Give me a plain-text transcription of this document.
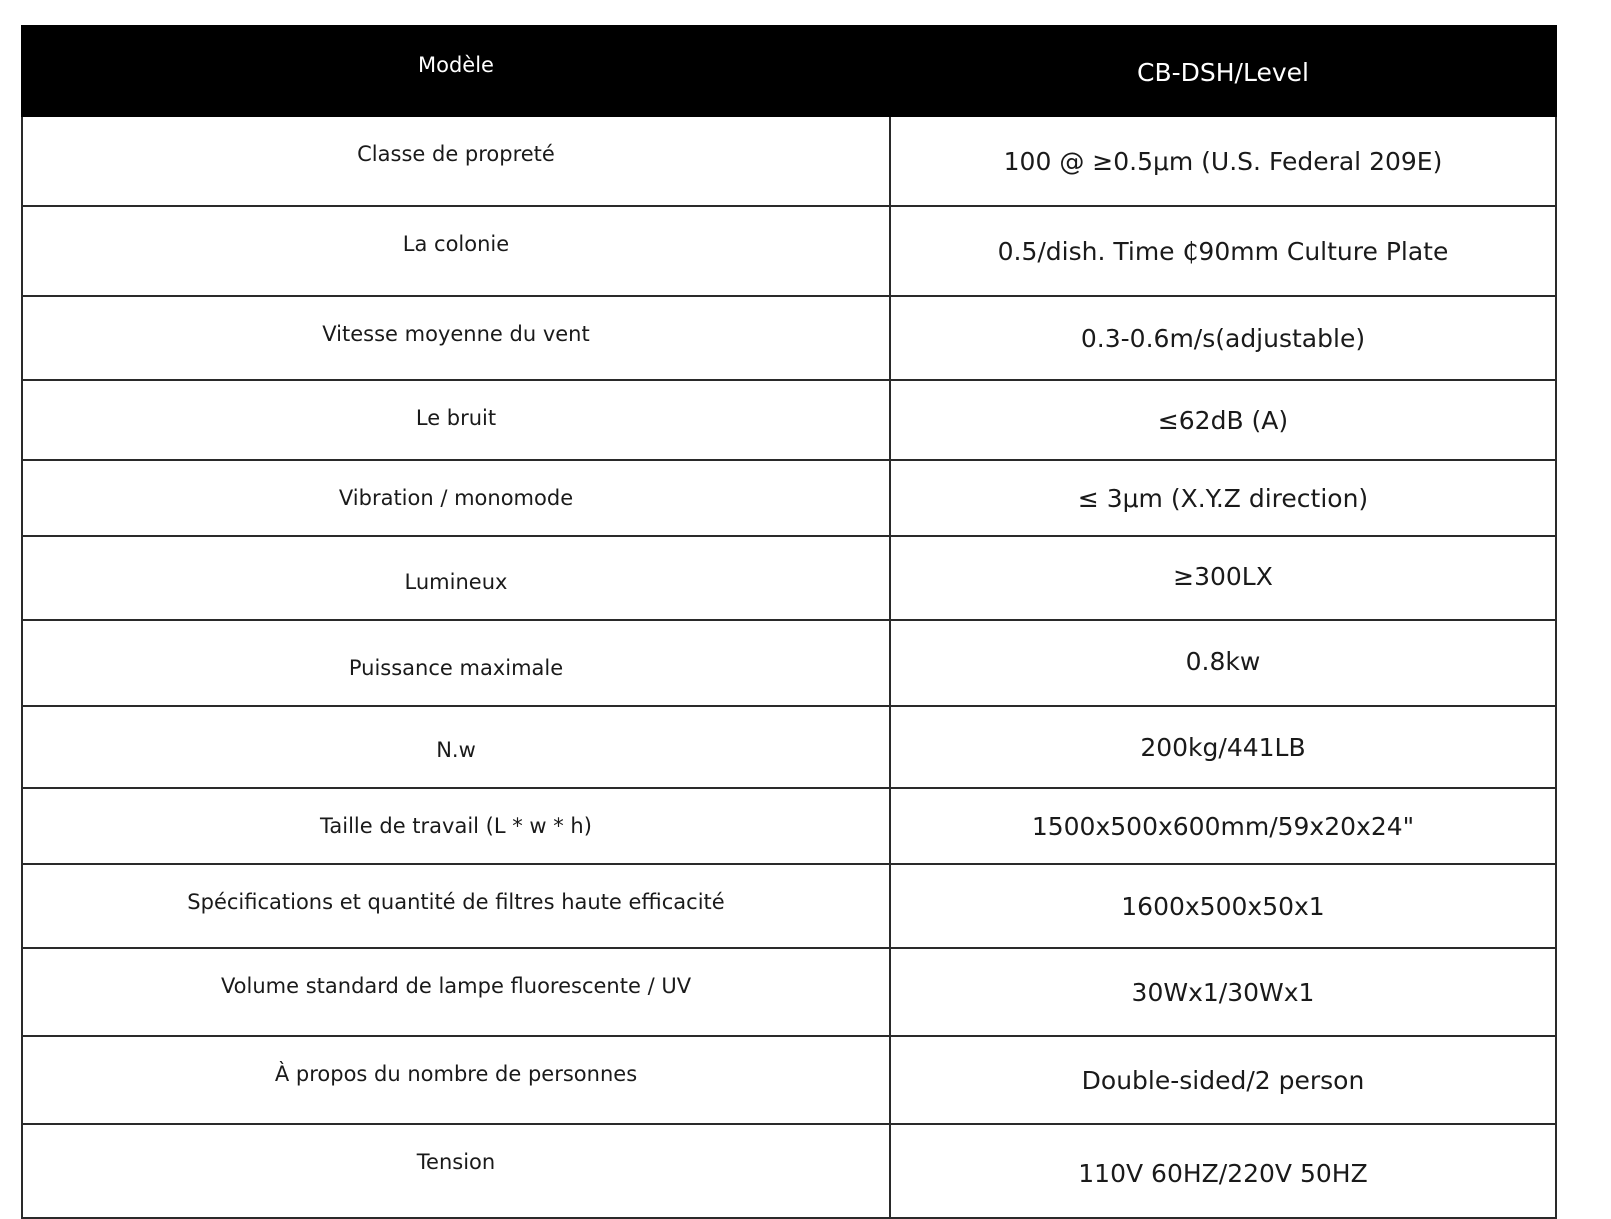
Modèle	CB-DSH/Level
Classe de propreté	100 @ ≥0.5μm (U.S. Federal 209E)
La colonie	0.5/dish. Time ₵90mm Culture Plate
Vitesse moyenne du vent	0.3-0.6m/s(adjustable)
Le bruit	≤62dB (A)
Vibration / monomode	≤ 3μm (X.Y.Z direction)
Lumineux	≥300LX
Puissance maximale	0.8kw
N.w	200kg/441LB
Taille de travail (L * w * h)	1500x500x600mm/59x20x24"
Spécifications et quantité de filtres haute efficacité	1600x500x50x1
Volume standard de lampe fluorescente / UV	30Wx1/30Wx1
À propos du nombre de personnes	Double-sided/2 person
Tension	110V 60HZ/220V 50HZ
